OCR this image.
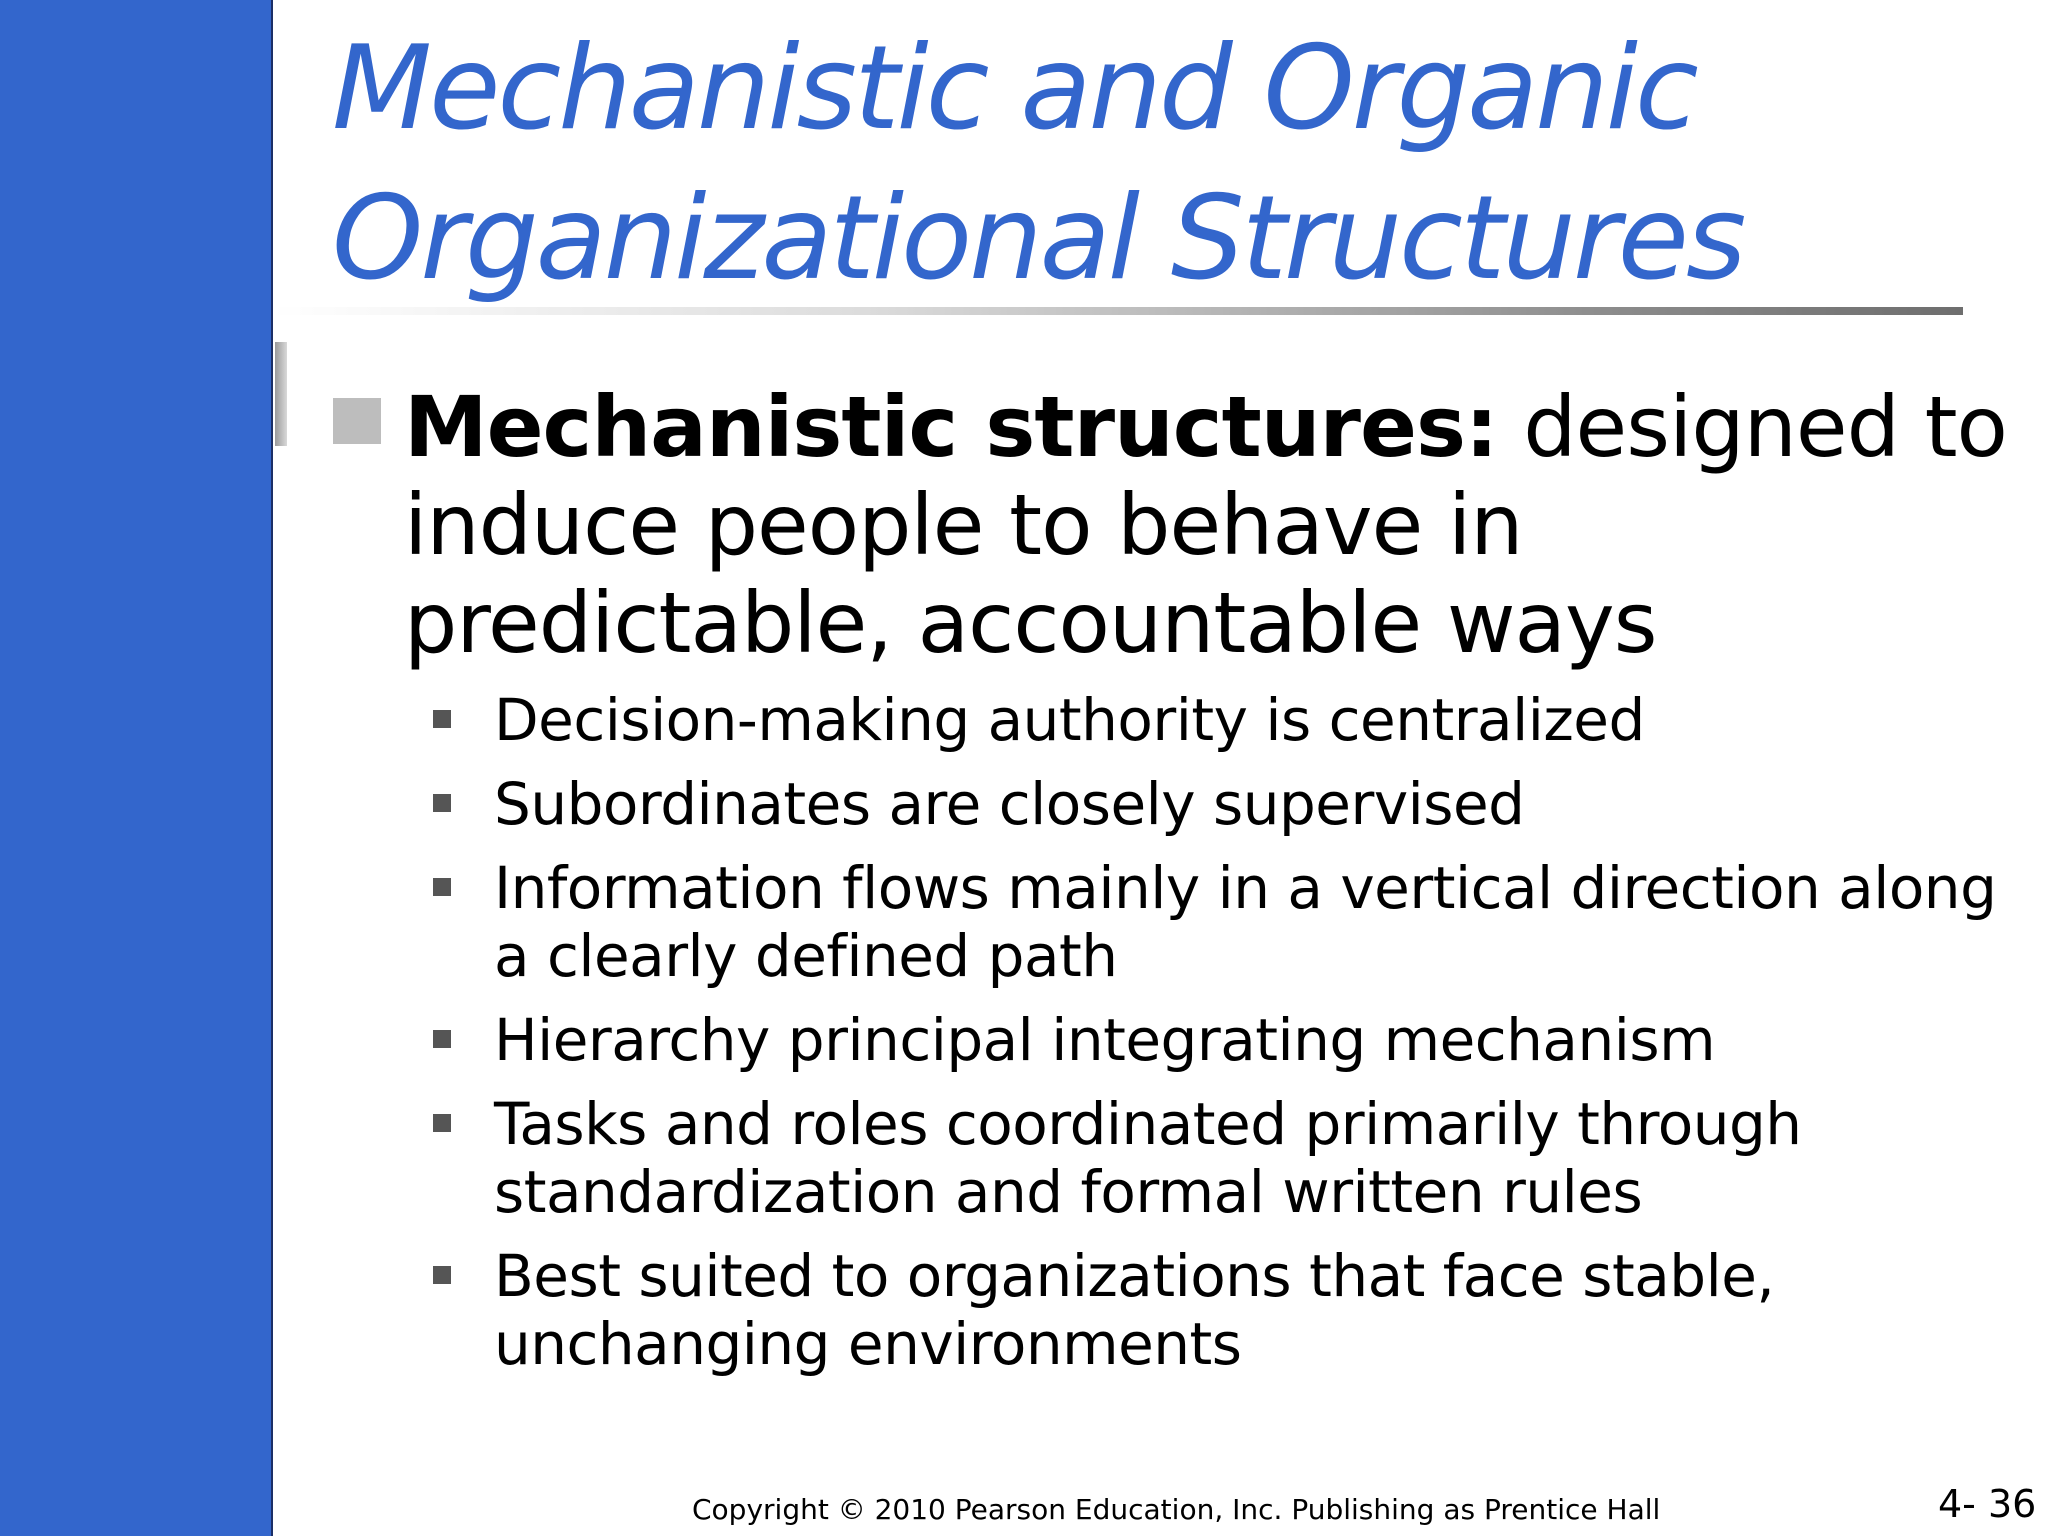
Mechanistic and Organic
Organizational Structures

Mechanistic structures: designed to induce people to behave in predictable, accountable ways

Decision-making authority is centralized
Subordinates are closely supervised
Information flows mainly in a vertical direction along a clearly defined path
Hierarchy principal integrating mechanism
Tasks and roles coordinated primarily through standardization and formal written rules
Best suited to organizations that face stable, unchanging environments
Copyright © 2010 Pearson Education, Inc. Publishing as Prentice Hall	4- 36
